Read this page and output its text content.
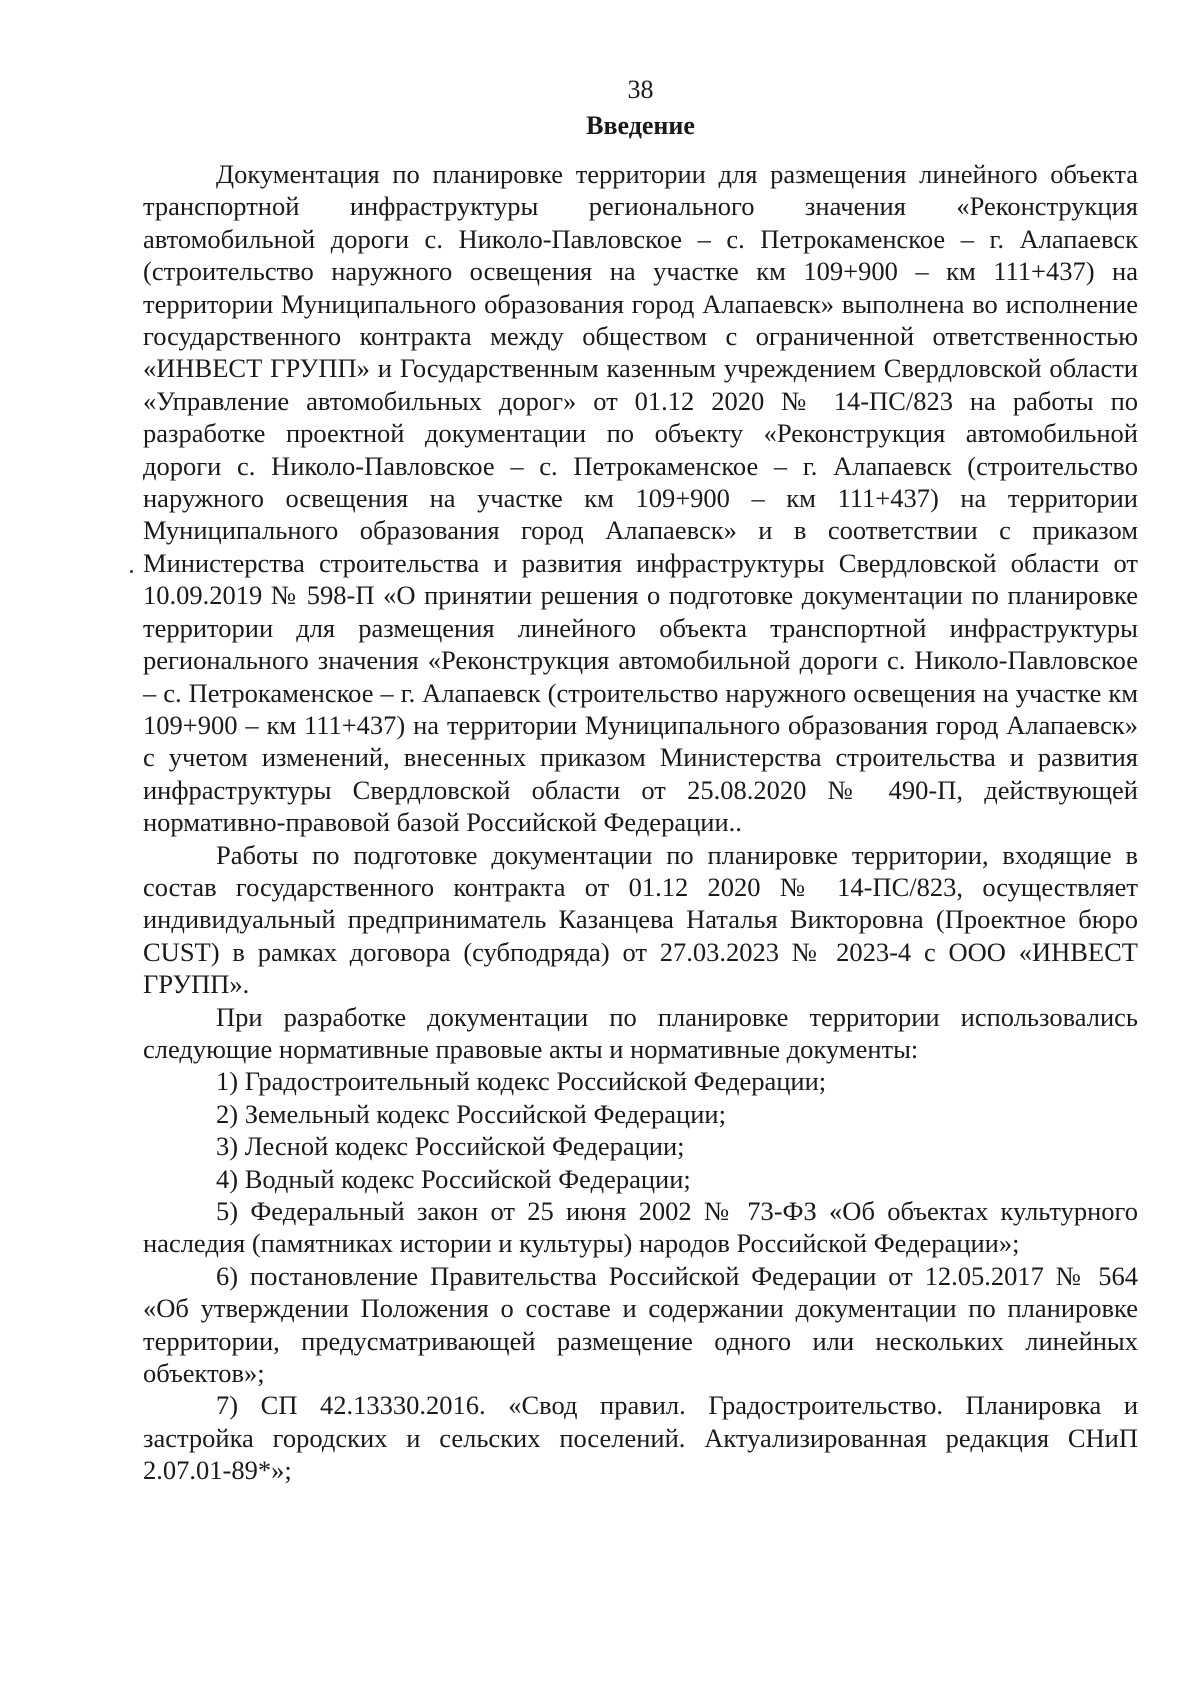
38
Введение

Документация по планировке территории для размещения линейного объекта транспортной инфраструктуры регионального значения «Реконструкция автомобильной дороги с. Николо-Павловское – с. Петрокаменское – г. Алапаевск (строительство наружного освещения на участке км 109+900 – км 111+437) на территории Муниципального образования город Алапаевск» выполнена во исполнение государственного контракта между обществом с ограниченной ответственностью «ИНВЕСТ ГРУПП» и Государственным казенным учреждением Свердловской области «Управление автомобильных дорог» от 01.12 2020 № 14-ПС/823 на работы по разработке проектной документации по объекту «Реконструкция автомобильной дороги с. Николо-Павловское – с. Петрокаменское – г. Алапаевск (строительство наружного освещения на участке км 109+900 – км 111+437) на территории Муниципального образования город Алапаевск» и в соответствии с приказом Министерства строительства и развития инфраструктуры Свердловской области от 10.09.2019 № 598-П «О принятии решения о подготовке документации по планировке территории для размещения линейного объекта транспортной инфраструктуры регионального значения «Реконструкция автомобильной дороги с. Николо-Павловское – с. Петрокаменское – г. Алапаевск (строительство наружного освещения на участке км 109+900 – км 111+437) на территории Муниципального образования город Алапаевск» с учетом изменений, внесенных приказом Министерства строительства и развития инфраструктуры Свердловской области от 25.08.2020 № 490-П, действующей нормативно-правовой базой Российской Федерации..

Работы по подготовке документации по планировке территории, входящие в состав государственного контракта от 01.12 2020 № 14-ПС/823, осуществляет индивидуальный предприниматель Казанцева Наталья Викторовна (Проектное бюро CUST) в рамках договора (субподряда) от 27.03.2023 № 2023-4 с ООО «ИНВЕСТ ГРУПП».

При разработке документации по планировке территории использовались следующие нормативные правовые акты и нормативные документы:

1) Градостроительный кодекс Российской Федерации;

2) Земельный кодекс Российской Федерации;

3) Лесной кодекс Российской Федерации;

4) Водный кодекс Российской Федерации;

5) Федеральный закон от 25 июня 2002 № 73-ФЗ «Об объектах культурного наследия (памятниках истории и культуры) народов Российской Федерации»;

6) постановление Правительства Российской Федерации от 12.05.2017 № 564 «Об утверждении Положения о составе и содержании документации по планировке территории, предусматривающей размещение одного или нескольких линейных объектов»;

7) СП 42.13330.2016. «Свод правил. Градостроительство. Планировка и застройка городских и сельских поселений. Актуализированная редакция СНиП 2.07.01-89*»;
